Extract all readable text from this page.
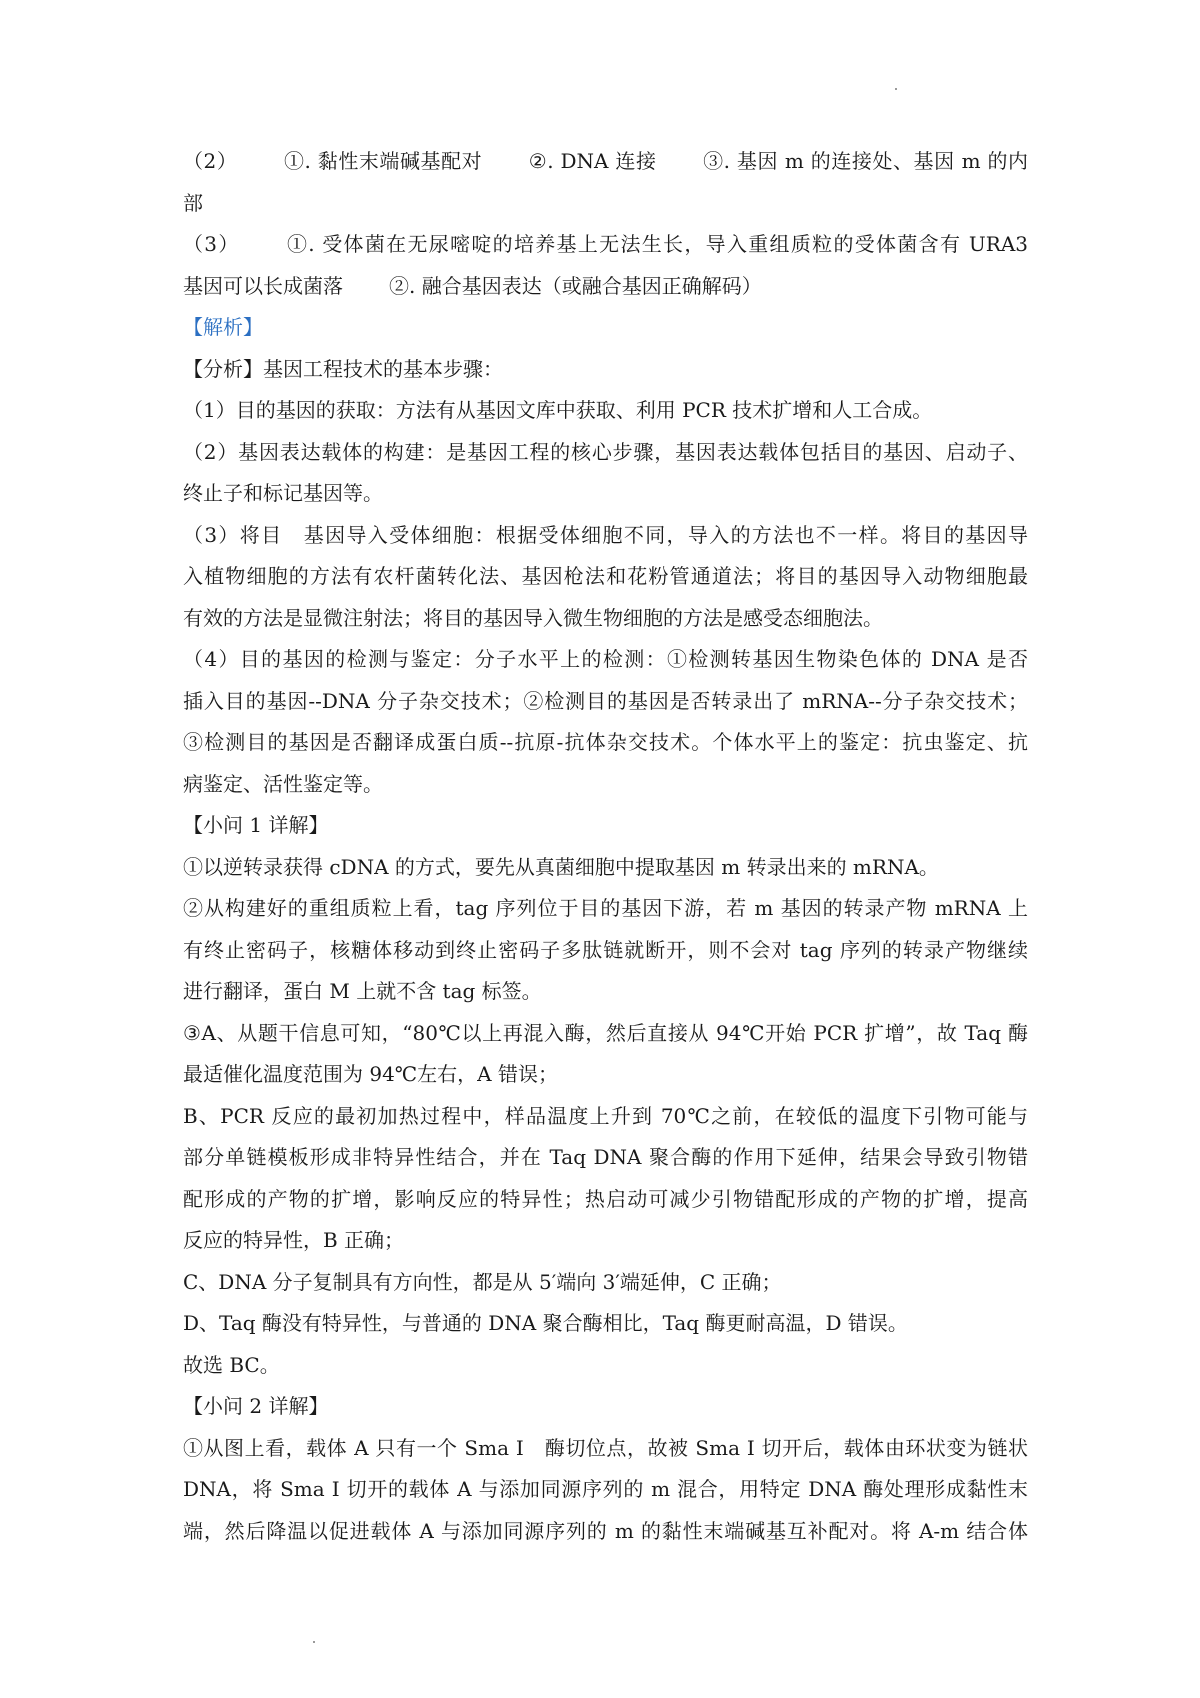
（2） ①. 黏性末端碱基配对 ②. DNA 连接 ③. 基因 m 的连接处、基因 m 的内
部
（3） ①. 受体菌在无尿嘧啶的培养基上无法生长，导入重组质粒的受体菌含有 URA3
基因可以长成菌落 ②. 融合基因表达（或融合基因正确解码）
【解析】
【分析】基因工程技术的基本步骤：
（1）目的基因的获取：方法有从基因文库中获取、利用 PCR 技术扩增和人工合成。
（2）基因表达载体的构建：是基因工程的核心步骤，基因表达载体包括目的基因、启动子、
终止子和标记基因等。
（3）将目　基因导入受体细胞：根据受体细胞不同，导入的方法也不一样。将目的基因导
入植物细胞的方法有农杆菌转化法、基因枪法和花粉管通道法；将目的基因导入动物细胞最
有效的方法是显微注射法；将目的基因导入微生物细胞的方法是感受态细胞法。
（4）目的基因的检测与鉴定：分子水平上的检测：①检测转基因生物染色体的 DNA 是否
插入目的基因--DNA 分子杂交技术；②检测目的基因是否转录出了 mRNA--分子杂交技术；
③检测目的基因是否翻译成蛋白质--抗原-抗体杂交技术。个体水平上的鉴定：抗虫鉴定、抗
病鉴定、活性鉴定等。
【小问 1 详解】
①以逆转录获得 cDNA 的方式，要先从真菌细胞中提取基因 m 转录出来的 mRNA。
②从构建好的重组质粒上看，tag 序列位于目的基因下游，若 m 基因的转录产物 mRNA 上
有终止密码子，核糖体移动到终止密码子多肽链就断开，则不会对 tag 序列的转录产物继续
进行翻译，蛋白 M 上就不含 tag 标签。
③A、从题干信息可知，“80℃以上再混入酶，然后直接从 94℃开始 PCR 扩增”，故 Taq 酶
最适催化温度范围为 94℃左右，A 错误；
B、PCR 反应的最初加热过程中，样品温度上升到 70℃之前，在较低的温度下引物可能与
部分单链模板形成非特异性结合，并在 Taq DNA 聚合酶的作用下延伸，结果会导致引物错
配形成的产物的扩增，影响反应的特异性；热启动可减少引物错配形成的产物的扩增，提高
反应的特异性，B 正确；
C、DNA 分子复制具有方向性，都是从 5′端向 3′端延伸，C 正确；
D、Taq 酶没有特异性，与普通的 DNA 聚合酶相比，Taq 酶更耐高温，D 错误。
故选 BC。
【小问 2 详解】
①从图上看，载体 A 只有一个 Sma I　酶切位点，故被 Sma I 切开后，载体由环状变为链状
DNA，将 Sma I 切开的载体 A 与添加同源序列的 m 混合，用特定 DNA 酶处理形成黏性末
端，然后降温以促进载体 A 与添加同源序列的 m 的黏性末端碱基互补配对。将 A-m 结合体
